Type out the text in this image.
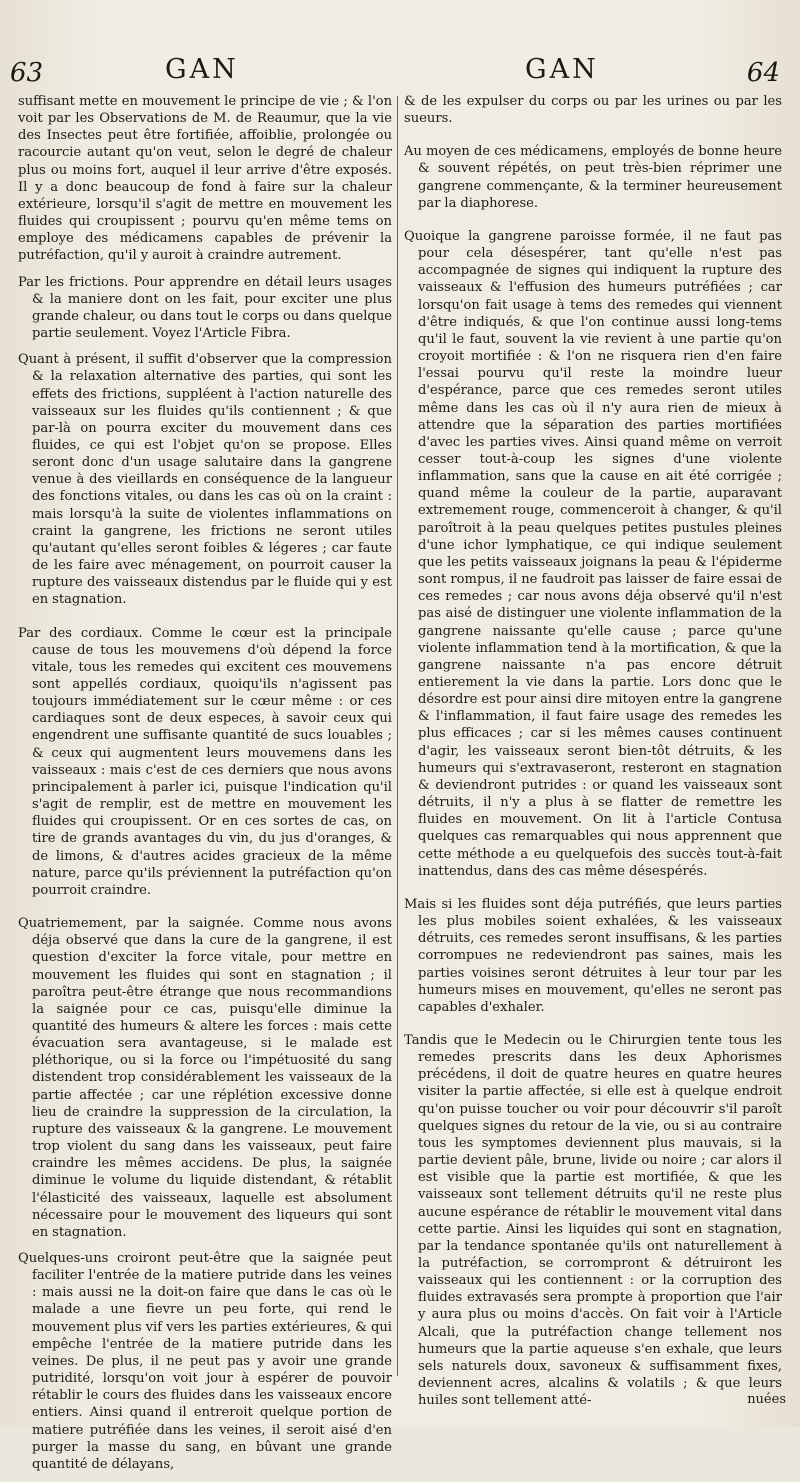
63	GAN	GAN	64

suffisant mette en mouvement le principe de vie ; & l'on voit par les Observations de M. de Reaumur, que la vie des Insectes peut être fortifiée, affoiblie, prolongée ou racourcie autant qu'on veut, selon le degré de chaleur plus ou moins fort, auquel il leur arrive d'être exposés. Il y a donc beaucoup de fond à faire sur la chaleur extérieure, lorsqu'il s'agit de mettre en mouvement les fluides qui croupissent ; pourvu qu'en même tems on employe des médicamens capables de prévenir la putréfaction, qu'il y auroit à craindre autrement.

Par les frictions. Pour apprendre en détail leurs usages & la maniere dont on les fait, pour exciter une plus grande chaleur, ou dans tout le corps ou dans quelque partie seulement. Voyez l'Article Fibra.

Quant à présent, il suffit d'observer que la compression & la relaxation alternative des parties, qui sont les effets des frictions, suppléent à l'action naturelle des vaisseaux sur les fluides qu'ils contiennent ; & que par-là on pourra exciter du mouvement dans ces fluides, ce qui est l'objet qu'on se propose. Elles seront donc d'un usage salutaire dans la gangrene venue à des vieillards en conséquence de la langueur des fonctions vitales, ou dans les cas où on la craint : mais lorsqu'à la suite de violentes inflammations on craint la gangrene, les frictions ne seront utiles qu'autant qu'elles seront foibles & légeres ; car faute de les faire avec ménagement, on pourroit causer la rupture des vaisseaux distendus par le fluide qui y est en stagnation.

Par des cordiaux. Comme le cœur est la principale cause de tous les mouvemens d'où dépend la force vitale, tous les remedes qui excitent ces mouvemens sont appellés cordiaux, quoiqu'ils n'agissent pas toujours immédiatement sur le cœur même : or ces cardiaques sont de deux especes, à savoir ceux qui engendrent une suffisante quantité de sucs louables ; & ceux qui augmentent leurs mouvemens dans les vaisseaux : mais c'est de ces derniers que nous avons principalement à parler ici, puisque l'indication qu'il s'agit de remplir, est de mettre en mouvement les fluides qui croupissent. Or en ces sortes de cas, on tire de grands avantages du vin, du jus d'oranges, & de limons, & d'autres acides gracieux de la même nature, parce qu'ils préviennent la putréfaction qu'on pourroit craindre.

Quatriemement, par la saignée. Comme nous avons déja observé que dans la cure de la gangrene, il est question d'exciter la force vitale, pour mettre en mouvement les fluides qui sont en stagnation ; il paroîtra peut-être étrange que nous recommandions la saignée pour ce cas, puisqu'elle diminue la quantité des humeurs & altere les forces : mais cette évacuation sera avantageuse, si le malade est pléthorique, ou si la force ou l'impétuosité du sang distendent trop considérablement les vaisseaux de la partie affectée ; car une réplétion excessive donne lieu de craindre la suppression de la circulation, la rupture des vaisseaux & la gangrene. Le mouvement trop violent du sang dans les vaisseaux, peut faire craindre les mêmes accidens. De plus, la saignée diminue le volume du liquide distendant, & rétablit l'élasticité des vaisseaux, laquelle est absolument nécessaire pour le mouvement des liqueurs qui sont en stagnation.

Quelques-uns croiront peut-être que la saignée peut faciliter l'entrée de la matiere putride dans les veines : mais aussi ne la doit-on faire que dans le cas où le malade a une fievre un peu forte, qui rend le mouvement plus vif vers les parties extérieures, & qui empêche l'entrée de la matiere putride dans les veines. De plus, il ne peut pas y avoir une grande putridité, lorsqu'on voit jour à espérer de pouvoir rétablir le cours des fluides dans les vaisseaux encore entiers. Ainsi quand il entreroit quelque portion de matiere putréfiée dans les veines, il seroit aisé d'en purger la masse du sang, en bûvant une grande quantité de délayans,

& de les expulser du corps ou par les urines ou par les sueurs.

Au moyen de ces médicamens, employés de bonne heure & souvent répétés, on peut très-bien réprimer une gangrene commençante, & la terminer heureusement par la diaphorese.

Quoique la gangrene paroisse formée, il ne faut pas pour cela désespérer, tant qu'elle n'est pas accompagnée de signes qui indiquent la rupture des vaisseaux & l'effusion des humeurs putréfiées ; car lorsqu'on fait usage à tems des remedes qui viennent d'être indiqués, & que l'on continue aussi long-tems qu'il le faut, souvent la vie revient à une partie qu'on croyoit mortifiée : & l'on ne risquera rien d'en faire l'essai pourvu qu'il reste la moindre lueur d'espérance, parce que ces remedes seront utiles même dans les cas où il n'y aura rien de mieux à attendre que la séparation des parties mortifiées d'avec les parties vives. Ainsi quand même on verroit cesser tout-à-coup les signes d'une violente inflammation, sans que la cause en ait été corrigée ; quand même la couleur de la partie, auparavant extremement rouge, commenceroit à changer, & qu'il paroîtroit à la peau quelques petites pustules pleines d'une ichor lymphatique, ce qui indique seulement que les petits vaisseaux joignans la peau & l'épiderme sont rompus, il ne faudroit pas laisser de faire essai de ces remedes ; car nous avons déja observé qu'il n'est pas aisé de distinguer une violente inflammation de la gangrene naissante qu'elle cause ; parce qu'une violente inflammation tend à la mortification, & que la gangrene naissante n'a pas encore détruit entierement la vie dans la partie. Lors donc que le désordre est pour ainsi dire mitoyen entre la gangrene & l'inflammation, il faut faire usage des remedes les plus efficaces ; car si les mêmes causes continuent d'agir, les vaisseaux seront bien-tôt détruits, & les humeurs qui s'extravaseront, resteront en stagnation & deviendront putrides : or quand les vaisseaux sont détruits, il n'y a plus à se flatter de remettre les fluides en mouvement. On lit à l'article Contusa quelques cas remarquables qui nous apprennent que cette méthode a eu quelquefois des succès tout-à-fait inattendus, dans des cas même désespérés.

Mais si les fluides sont déja putréfiés, que leurs parties les plus mobiles soient exhalées, & les vaisseaux détruits, ces remedes seront insuffisans, & les parties corrompues ne redeviendront pas saines, mais les parties voisines seront détruites à leur tour par les humeurs mises en mouvement, qu'elles ne seront pas capables d'exhaler.

Tandis que le Medecin ou le Chirurgien tente tous les remedes prescrits dans les deux Aphorismes précédens, il doit de quatre heures en quatre heures visiter la partie affectée, si elle est à quelque endroit qu'on puisse toucher ou voir pour découvrir s'il paroît quelques signes du retour de la vie, ou si au contraire tous les symptomes deviennent plus mauvais, si la partie devient pâle, brune, livide ou noire ; car alors il est visible que la partie est mortifiée, & que les vaisseaux sont tellement détruits qu'il ne reste plus aucune espérance de rétablir le mouvement vital dans cette partie. Ainsi les liquides qui sont en stagnation, par la tendance spontanée qu'ils ont naturellement à la putréfaction, se corrompront & détruiront les vaisseaux qui les contiennent : or la corruption des fluides extravasés sera prompte à proportion que l'air y aura plus ou moins d'accès. On fait voir à l'Article Alcali, que la putréfaction change tellement nos humeurs que la partie aqueuse s'en exhale, que leurs sels naturels doux, savoneux & suffisamment fixes, deviennent acres, alcalins & volatils ; & que leurs huiles sont tellement atté-	nuées
